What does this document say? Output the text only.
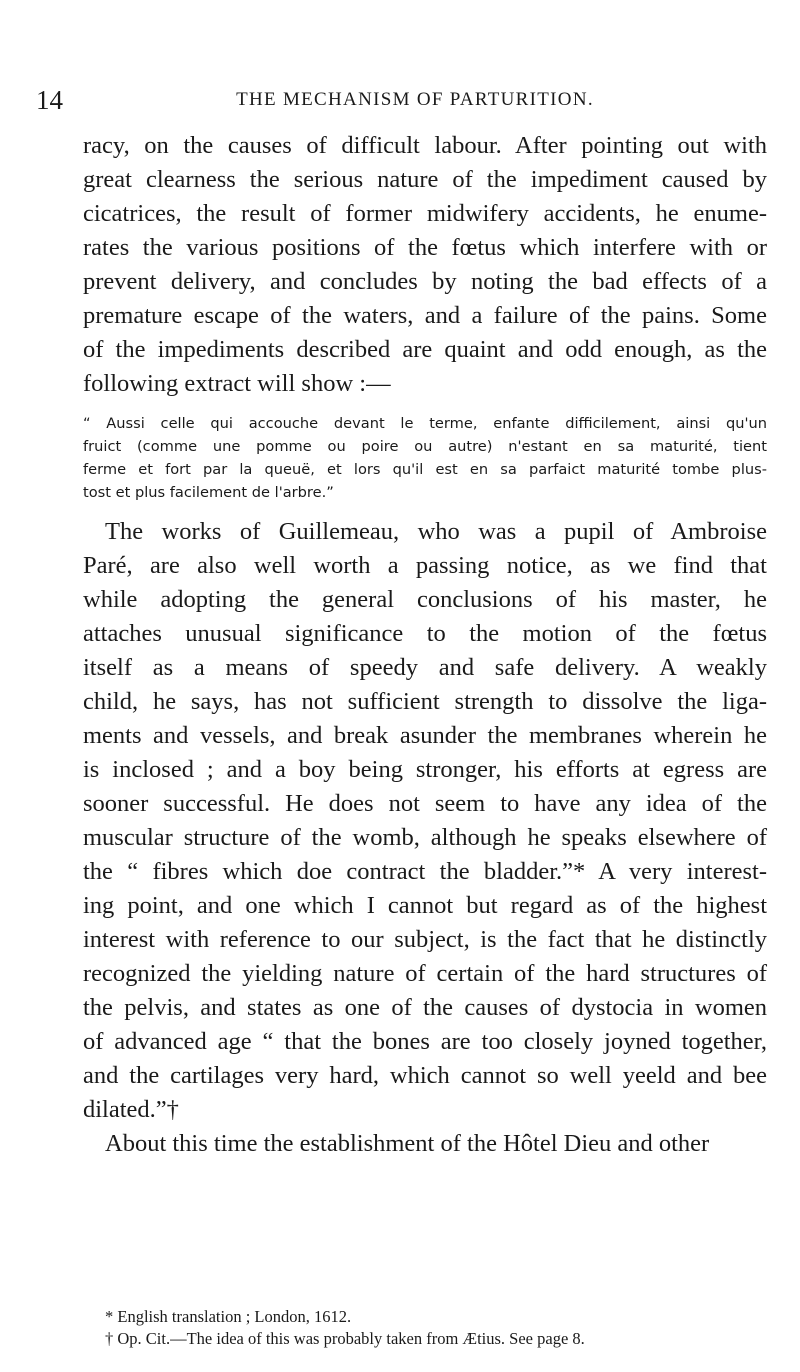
14	THE MECHANISM OF PARTURITION.
racy, on the causes of difficult labour. After pointing out with
great clearness the serious nature of the impediment caused by
cicatrices, the result of former midwifery accidents, he enume-
rates the various positions of the fœtus which interfere with or
prevent delivery, and concludes by noting the bad effects of a
premature escape of the waters, and a failure of the pains. Some
of the impediments described are quaint and odd enough, as the
following extract will show :—
“ Aussi celle qui accouche devant le terme, enfante difficilement, ainsi qu'un
fruict (comme une pomme ou poire ou autre) n'estant en sa maturité, tient
ferme et fort par la queuë, et lors qu'il est en sa parfaict maturité tombe plus-
tost et plus facilement de l'arbre.”
The works of Guillemeau, who was a pupil of Ambroise
Paré, are also well worth a passing notice, as we find that
while adopting the general conclusions of his master, he
attaches unusual significance to the motion of the fœtus
itself as a means of speedy and safe delivery. A weakly
child, he says, has not sufficient strength to dissolve the liga-
ments and vessels, and break asunder the membranes wherein he
is inclosed ; and a boy being stronger, his efforts at egress are
sooner successful. He does not seem to have any idea of the
muscular structure of the womb, although he speaks elsewhere of
the “ fibres which doe contract the bladder.”* A very interest-
ing point, and one which I cannot but regard as of the highest
interest with reference to our subject, is the fact that he distinctly
recognized the yielding nature of certain of the hard structures of
the pelvis, and states as one of the causes of dystocia in women
of advanced age “ that the bones are too closely joyned together,
and the cartilages very hard, which cannot so well yeeld and bee
dilated.”†
About this time the establishment of the Hôtel Dieu and other
* English translation ; London, 1612.
† Op. Cit.—The idea of this was probably taken from Ætius. See page 8.
